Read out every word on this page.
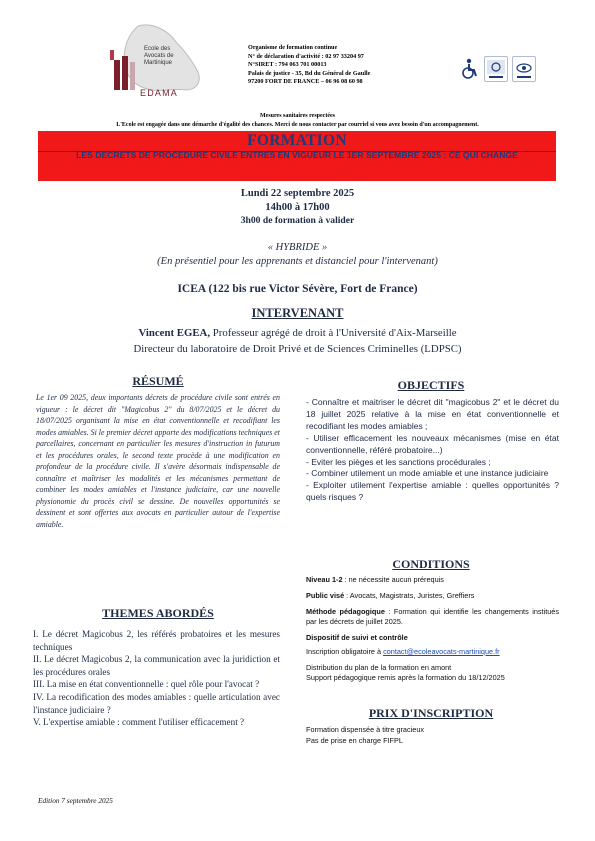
Ecole des
Avocats de
Martinique
EDAMA
Organisme de formation continue
N° de déclaration d'activité : 02 97 33204 97
N°SIRET : 794 063 701 00013
Palais de justice - 35, Bd du Général de Gaulle
97200 FORT DE FRANCE – 06 96 08 60 98
Mesures sanitaires respectées
L'Ecole est engagée dans une démarche d'égalité des chances. Merci de nous contacter par courriel si vous avez besoin d'un accompagnement.
FORMATION
LES DECRETS DE PROCEDURE CIVILE ENTRES EN VIGUEUR LE 1ER SEPTEMBRE 2025 : CE QUI CHANGE
Lundi 22 septembre 2025
14h00 à 17h00
3h00 de formation à valider
« HYBRIDE »
(En présentiel pour les apprenants et distanciel pour l'intervenant)
ICEA (122 bis rue Victor Sévère, Fort de France)
INTERVENANT
Vincent EGEA, Professeur agrégé de droit à l'Université d'Aix-Marseille
Directeur du laboratoire de Droit Privé et de Sciences Criminelles (LDPSC)
RÉSUMÉ
Le 1er 09 2025, deux importants décrets de procédure civile sont entrés en vigueur : le décret dit "Magicobus 2" du 8/07/2025 et le décret du 18/07/2025 organisant la mise en état conventionnelle et recodifiant les modes amiables. Si le premier décret apporte des modifications techniques et parcellaires, concernant en particulier les mesures d'instruction in futurum et les procédures orales, le second texte procède à une modification en profondeur de la procédure civile. Il s'avère désormais indispensable de connaître et maîtriser les modalités et les mécanismes permettant de combiner les modes amiables et l'instance judiciaire, car une nouvelle physionomie du procès civil se dessine. De nouvelles opportunités se dessinent et sont offertes aux avocats en particulier autour de l'expertise amiable.
THEMES ABORDÉS
I. Le décret Magicobus 2, les référés probatoires et les mesures techniques
II. Le décret Magicobus 2, la communication avec la juridiction et les procédures orales
III. La mise en état conventionnelle : quel rôle pour l'avocat ?
IV. La recodification des modes amiables : quelle articulation avec l'instance judiciaire ?
V. L'expertise amiable : comment l'utiliser efficacement ?
OBJECTIFS
- Connaître et maitriser le décret dit "magicobus 2" et le décret du 18 juillet 2025 relative à la mise en état conventionnelle et recodifiant les modes amiables ;
- Utiliser efficacement les nouveaux mécanismes (mise en état conventionnelle, référé probatoire...)
- Eviter les pièges et les sanctions procédurales ;
- Combiner utilement un mode amiable et une instance judiciaire
- Exploiter utilement l'expertise amiable : quelles opportunités ? quels risques ?
CONDITIONS
Niveau 1-2 : ne nécessite aucun prérequis
Public visé : Avocats, Magistrats, Juristes, Greffiers
Méthode pédagogique : Formation qui identifie les changements institués par les décrets de juillet 2025.
Dispositif de suivi et contrôle
Inscription obligatoire à contact@ecoleavocats-martinique.fr
Distribution du plan de la formation en amont
Support pédagogique remis après la formation du 18/12/2025
PRIX D'INSCRIPTION
Formation dispensée à titre gracieux
Pas de prise en charge FIFPL
Edition 7 septembre 2025
